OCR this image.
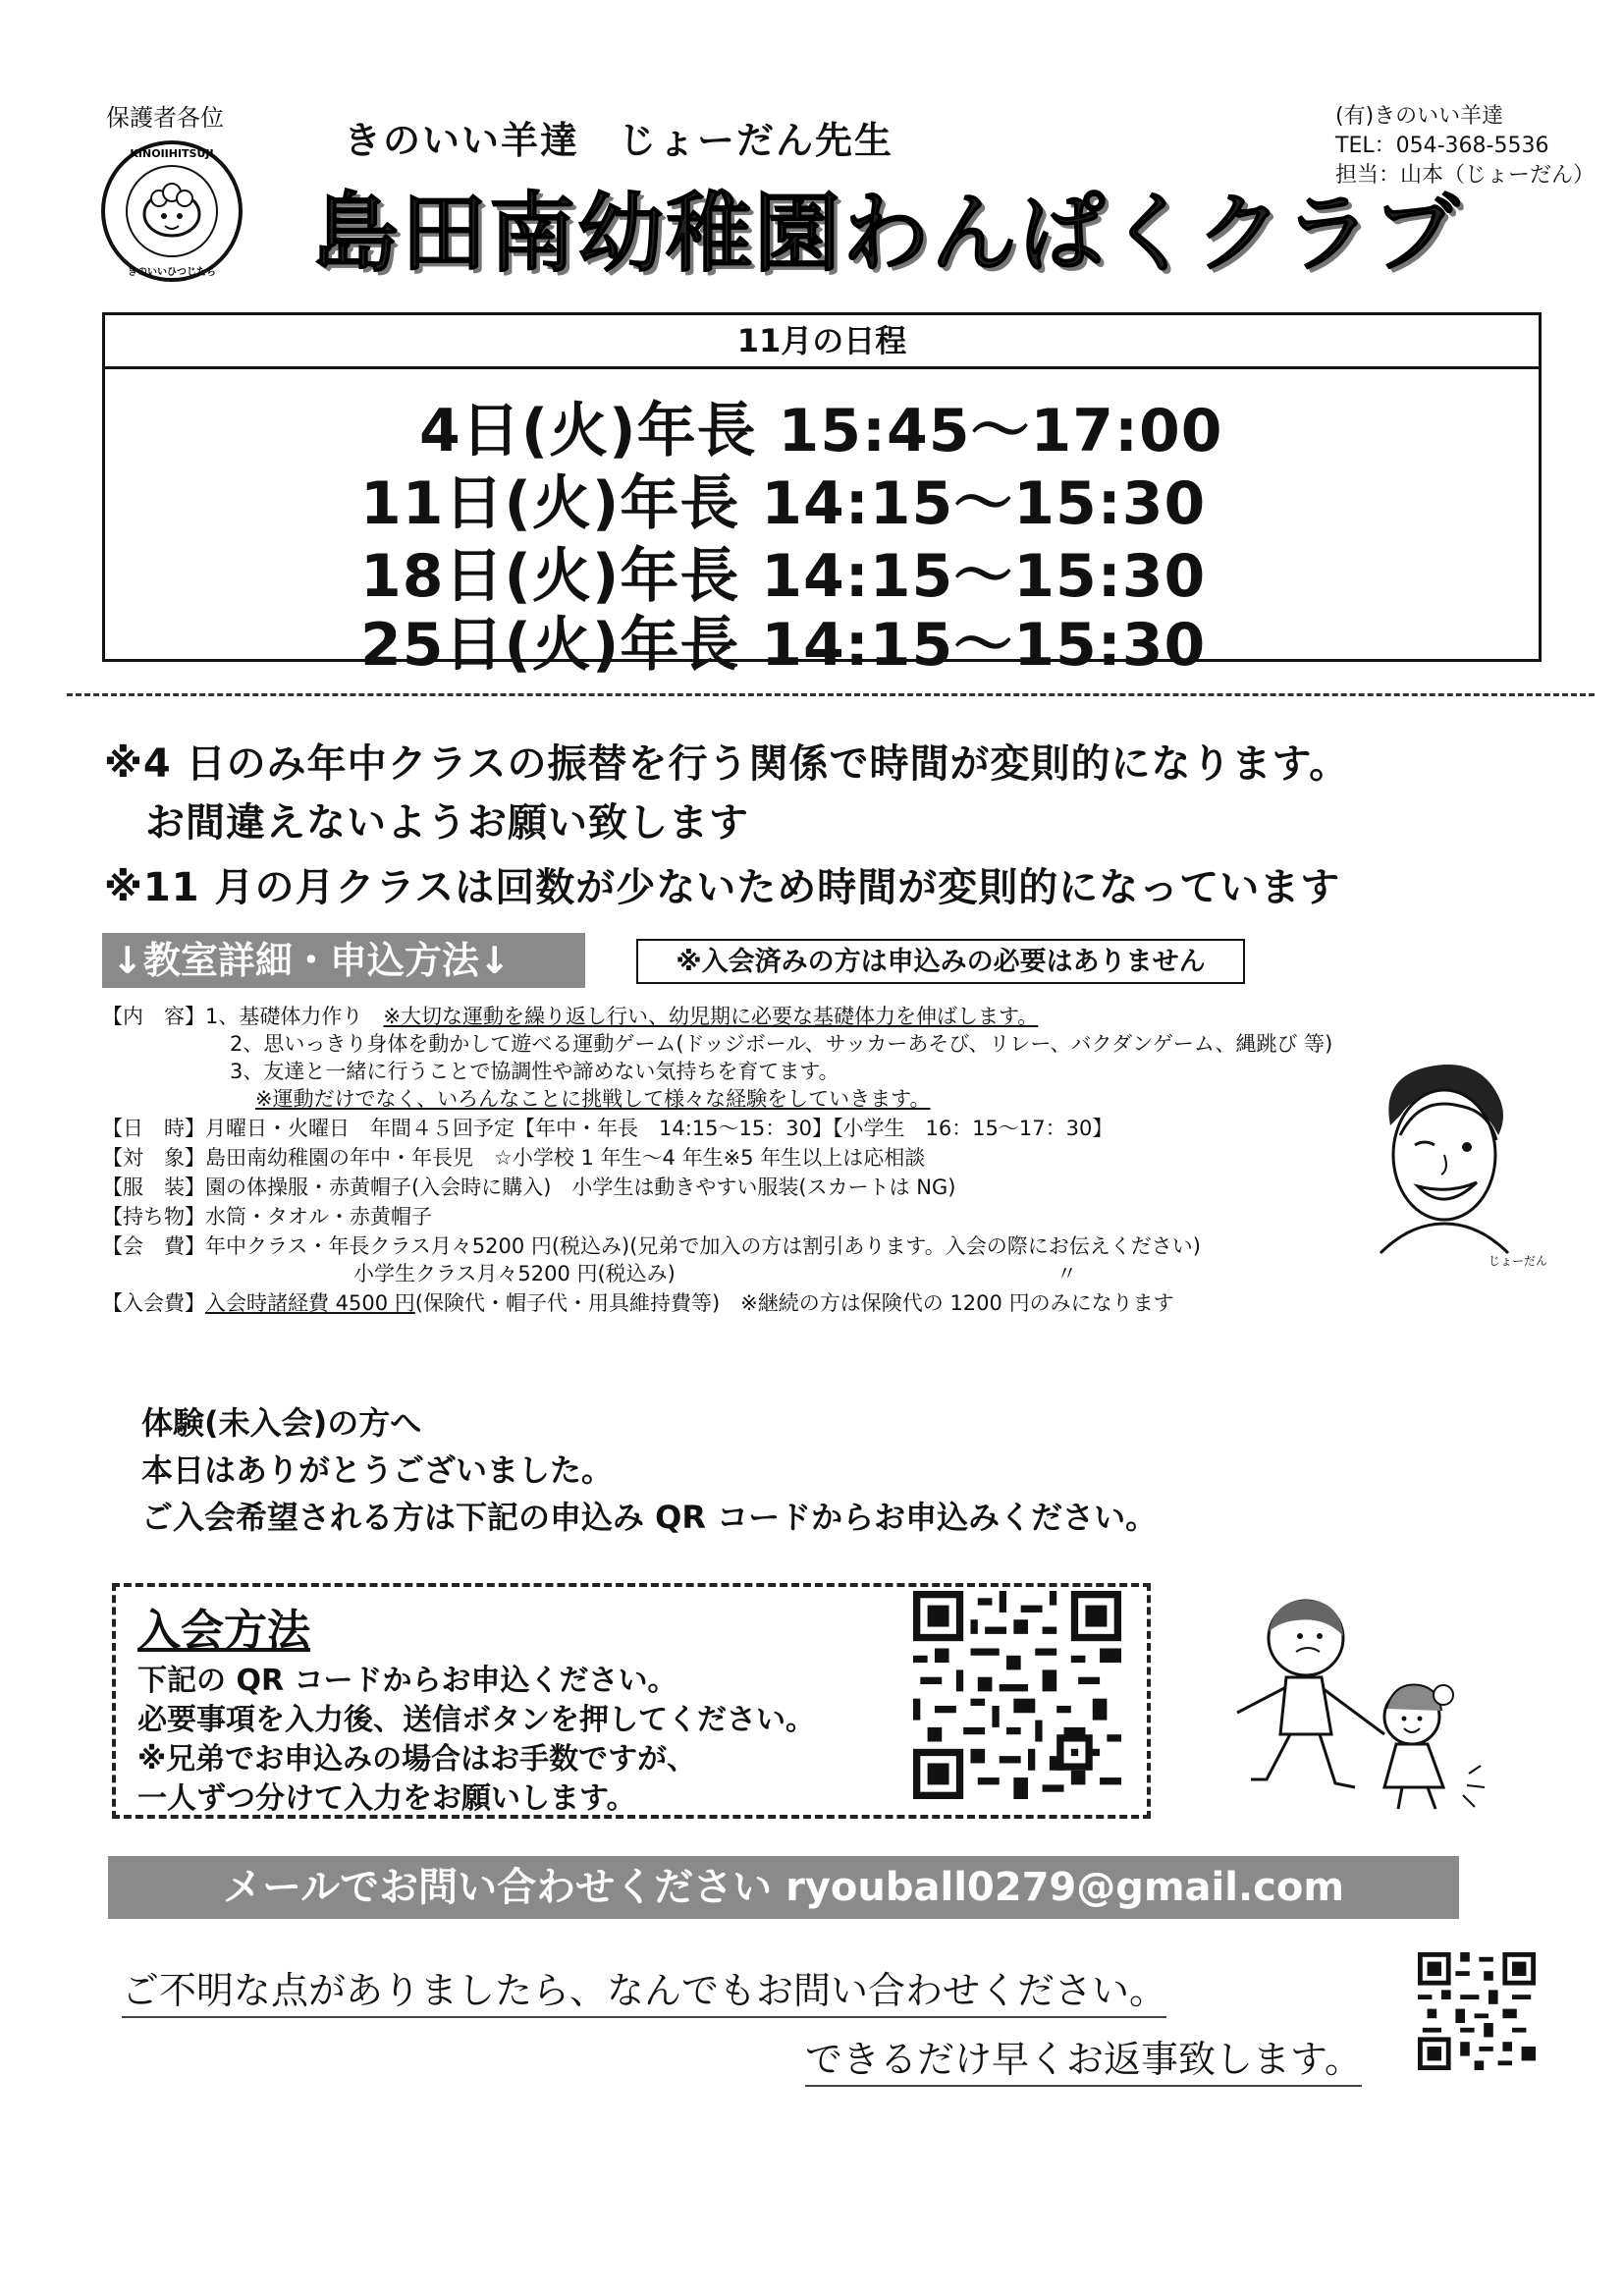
保護者各位
KINOIIHITSUJI
きのいいひつじたち
きのいい羊達　じょーだん先生
島田南幼稚園わんぱくクラブ
(有)きのいい羊達
TEL：054-368-5536
担当：山本（じょーだん）
11月の日程
4日(火)年長 15:45～17:00
11日(火)年長 14:15～15:30
18日(火)年長 14:15～15:30
25日(火)年長 14:15～15:30
※4 日のみ年中クラスの振替を行う関係で時間が変則的になります。
お間違えないようお願い致します
※11 月の月クラスは回数が少ないため時間が変則的になっています
↓教室詳細・申込方法↓	※入会済みの方は申込みの必要はありません
【内　容】1、基礎体力作り　※大切な運動を繰り返し行い、幼児期に必要な基礎体力を伸ばします。
2、思いっきり身体を動かして遊べる運動ゲーム(ドッジボール、サッカーあそび、リレー、バクダンゲーム、縄跳び 等)
3、友達と一緒に行うことで協調性や諦めない気持ちを育てます。
※運動だけでなく、いろんなことに挑戦して様々な経験をしていきます。
【日　時】月曜日・火曜日　年間４５回予定【年中・年長　14:15～15：30】【小学生　16：15～17：30】
【対　象】島田南幼稚園の年中・年長児　☆小学校 1 年生～4 年生※5 年生以上は応相談
【服　装】園の体操服・赤黄帽子(入会時に購入)　小学生は動きやすい服装(スカートは NG)
【持ち物】水筒・タオル・赤黄帽子
【会　費】年中クラス・年長クラス月々5200 円(税込み)(兄弟で加入の方は割引あります。入会の際にお伝えください)
小学生クラス月々5200 円(税込み)	〃
【入会費】入会時諸経費 4500 円(保険代・帽子代・用具維持費等)　※継続の方は保険代の 1200 円のみになります
じょーだん
体験(未入会)の方へ
本日はありがとうございました。
ご入会希望される方は下記の申込み QR コードからお申込みください。
入会方法
下記の QR コードからお申込ください。
必要事項を入力後、送信ボタンを押してください。
※兄弟でお申込みの場合はお手数ですが、
一人ずつ分けて入力をお願いします。
メールでお問い合わせください ryouball0279@gmail.com
ご不明な点がありましたら、なんでもお問い合わせください。
できるだけ早くお返事致します。
